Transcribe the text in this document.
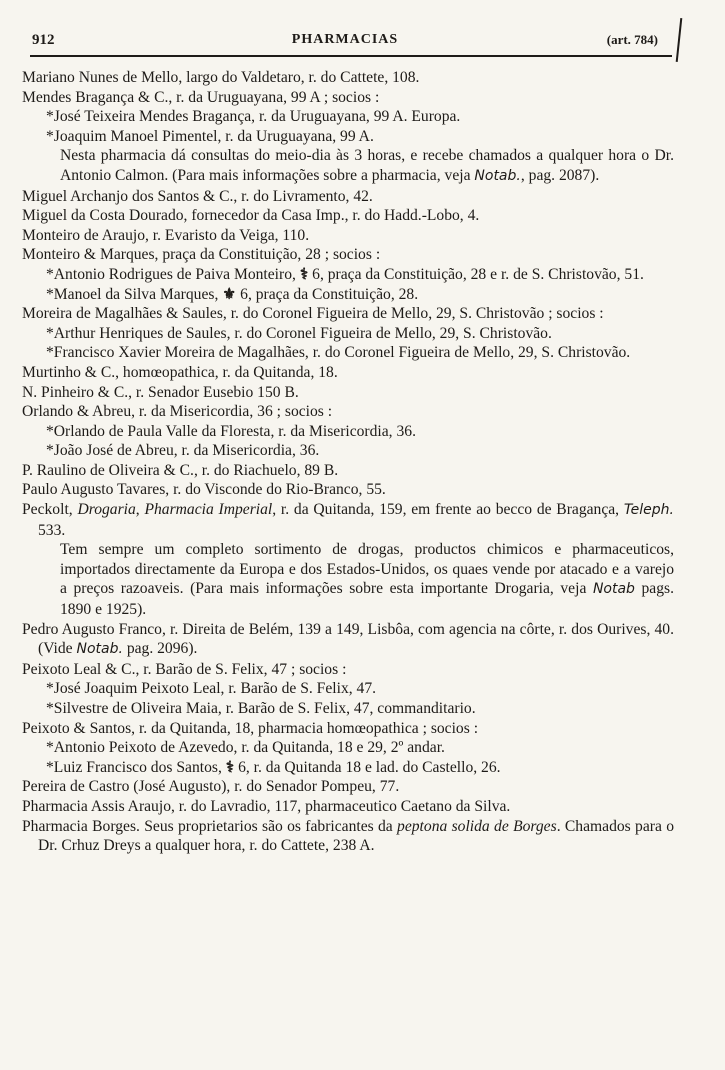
912	PHARMACIAS	(art. 784)

Mariano Nunes de Mello, largo do Valdetaro, r. do Cattete, 108.

Mendes Bragança & C., r. da Uruguayana, 99 A ; socios :

*José Teixeira Mendes Bragança, r. da Uruguayana, 99 A. Europa.

*Joaquim Manoel Pimentel, r. da Uruguayana, 99 A.

Nesta pharmacia dá consultas do meio-dia às 3 horas, e recebe chamados a qualquer hora o Dr. Antonio Calmon. (Para mais informações sobre a pharmacia, veja Notab., pag. 2087).

Miguel Archanjo dos Santos & C., r. do Livramento, 42.

Miguel da Costa Dourado, fornecedor da Casa Imp., r. do Hadd.-Lobo, 4.

Monteiro de Araujo, r. Evaristo da Veiga, 110.

Monteiro & Marques, praça da Constituição, 28 ; socios :

*Antonio Rodrigues de Paiva Monteiro, ⚕ 6, praça da Constituição, 28 e r. de S. Christovão, 51.

*Manoel da Silva Marques, ⚜ 6, praça da Constituição, 28.

Moreira de Magalhães & Saules, r. do Coronel Figueira de Mello, 29, S. Christovão ; socios :

*Arthur Henriques de Saules, r. do Coronel Figueira de Mello, 29, S. Christovão.

*Francisco Xavier Moreira de Magalhães, r. do Coronel Figueira de Mello, 29, S. Christovão.

Murtinho & C., homœopathica, r. da Quitanda, 18.

N. Pinheiro & C., r. Senador Eusebio 150 B.

Orlando & Abreu, r. da Misericordia, 36 ; socios :

*Orlando de Paula Valle da Floresta, r. da Misericordia, 36.

*João José de Abreu, r. da Misericordia, 36.

P. Raulino de Oliveira & C., r. do Riachuelo, 89 B.

Paulo Augusto Tavares, r. do Visconde do Rio-Branco, 55.

Peckolt, Drogaria, Pharmacia Imperial, r. da Quitanda, 159, em frente ao becco de Bragança, Teleph. 533.

Tem sempre um completo sortimento de drogas, productos chimicos e pharmaceuticos, importados directamente da Europa e dos Estados-Unidos, os quaes vende por atacado e a varejo a preços razoaveis. (Para mais informações sobre esta importante Drogaria, veja Notab pags. 1890 e 1925).

Pedro Augusto Franco, r. Direita de Belém, 139 a 149, Lisbôa, com agencia na côrte, r. dos Ourives, 40. (Vide Notab. pag. 2096).

Peixoto Leal & C., r. Barão de S. Felix, 47 ; socios :

*José Joaquim Peixoto Leal, r. Barão de S. Felix, 47.

*Silvestre de Oliveira Maia, r. Barão de S. Felix, 47, commanditario.

Peixoto & Santos, r. da Quitanda, 18, pharmacia homœopathica ; socios :

*Antonio Peixoto de Azevedo, r. da Quitanda, 18 e 29, 2º andar.

*Luiz Francisco dos Santos, ⚕ 6, r. da Quitanda 18 e lad. do Castello, 26.

Pereira de Castro (José Augusto), r. do Senador Pompeu, 77.

Pharmacia Assis Araujo, r. do Lavradio, 117, pharmaceutico Caetano da Silva.

Pharmacia Borges. Seus proprietarios são os fabricantes da peptona solida de Borges. Chamados para o Dr. Crhuz Dreys a qualquer hora, r. do Cattete, 238 A.
